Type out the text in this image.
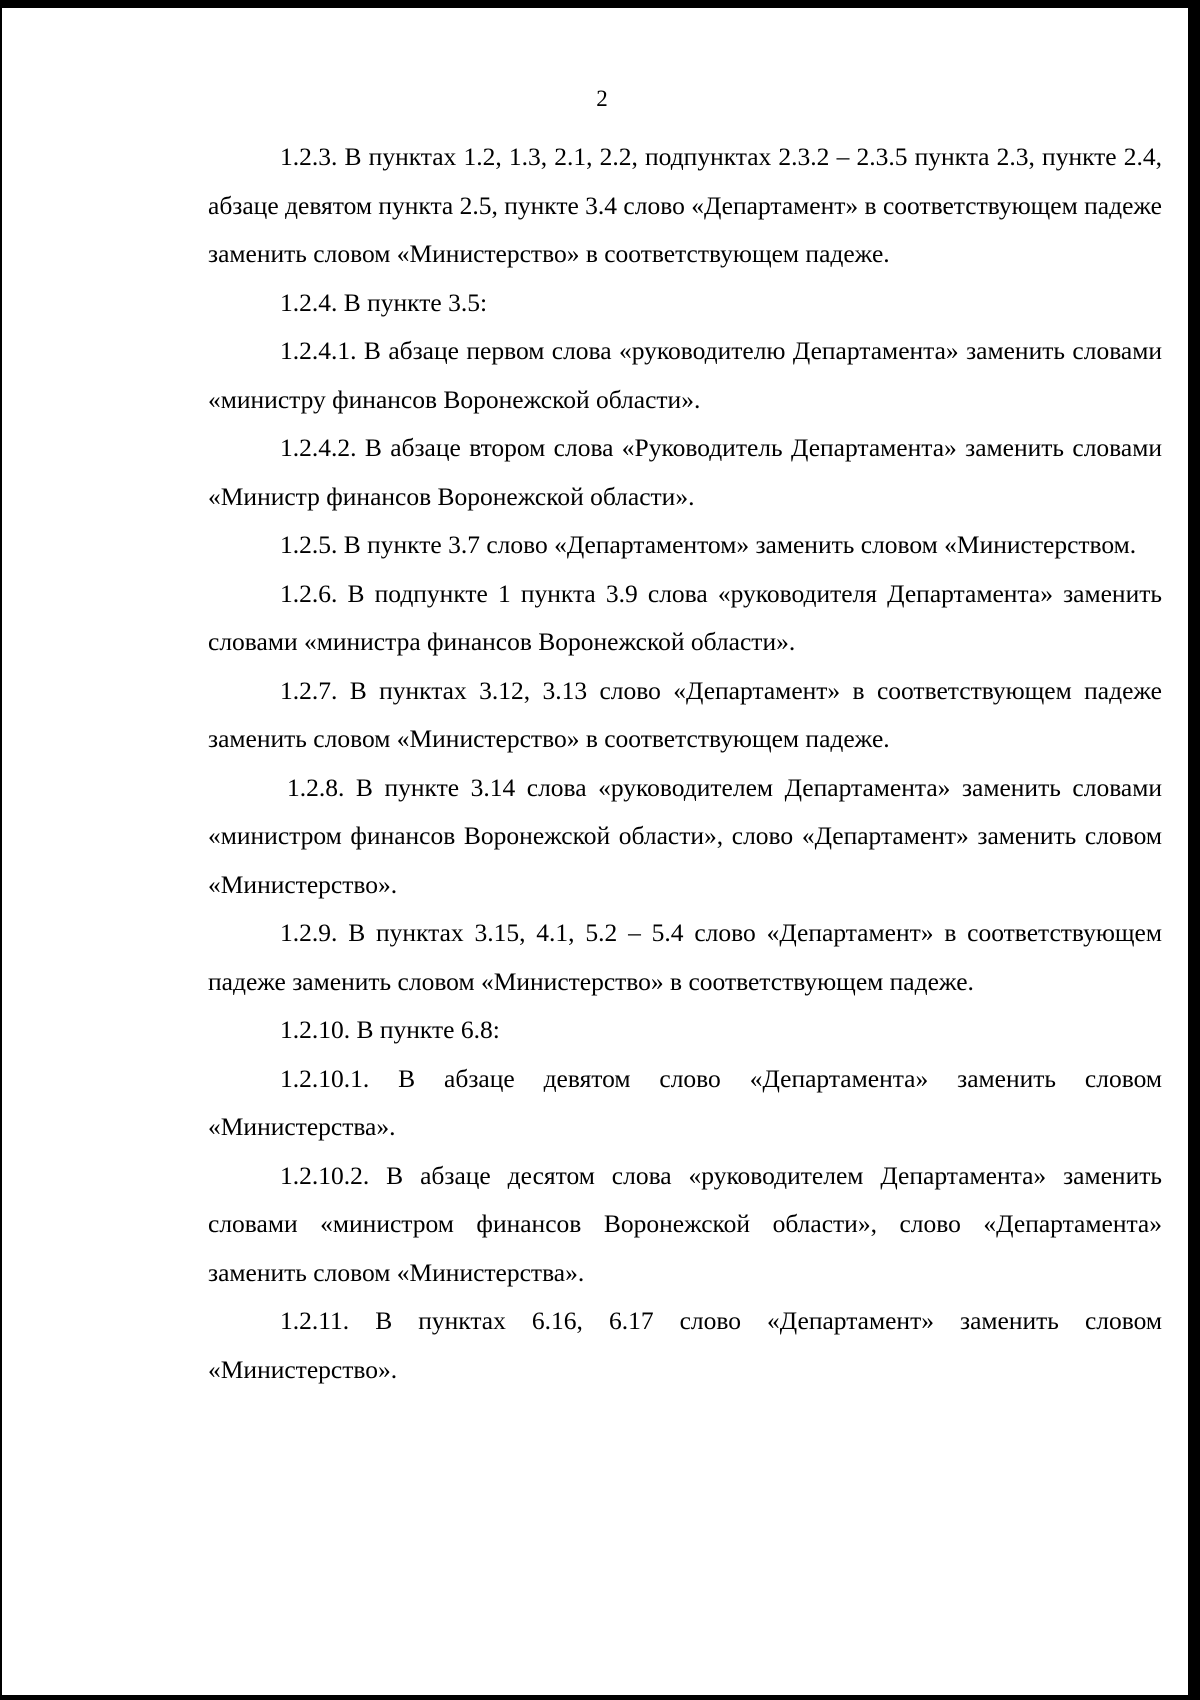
2

1.2.3. В пунктах 1.2, 1.3, 2.1, 2.2, подпунктах 2.3.2 – 2.3.5 пункта 2.3, пункте 2.4, абзаце девятом пункта 2.5, пункте 3.4 слово «Департамент» в соответствующем падеже заменить словом «Министерство» в соответствующем падеже.

1.2.4. В пункте 3.5:

1.2.4.1. В абзаце первом слова «руководителю Департамента» заменить словами «министру финансов Воронежской области».

1.2.4.2. В абзаце втором слова «Руководитель Департамента» заменить словами «Министр финансов Воронежской области».

1.2.5. В пункте 3.7 слово «Департаментом» заменить словом «Министерством.

1.2.6. В подпункте 1 пункта 3.9 слова «руководителя Департамента» заменить словами «министра финансов Воронежской области».

1.2.7. В пунктах 3.12, 3.13 слово «Департамент» в соответствующем падеже заменить словом «Министерство» в соответствующем падеже.

1.2.8. В пункте 3.14 слова «руководителем Департамента» заменить словами «министром финансов Воронежской области», слово «Департамент» заменить словом «Министерство».

1.2.9. В пунктах 3.15, 4.1, 5.2 – 5.4 слово «Департамент» в соответствующем падеже заменить словом «Министерство» в соответствующем падеже.

1.2.10. В пункте 6.8:

1.2.10.1. В абзаце девятом слово «Департамента» заменить словом «Министерства».

1.2.10.2. В абзаце десятом слова «руководителем Департамента» заменить словами «министром финансов Воронежской области», слово «Департамента» заменить словом «Министерства».

1.2.11. В пунктах 6.16, 6.17 слово «Департамент» заменить словом «Министерство».
